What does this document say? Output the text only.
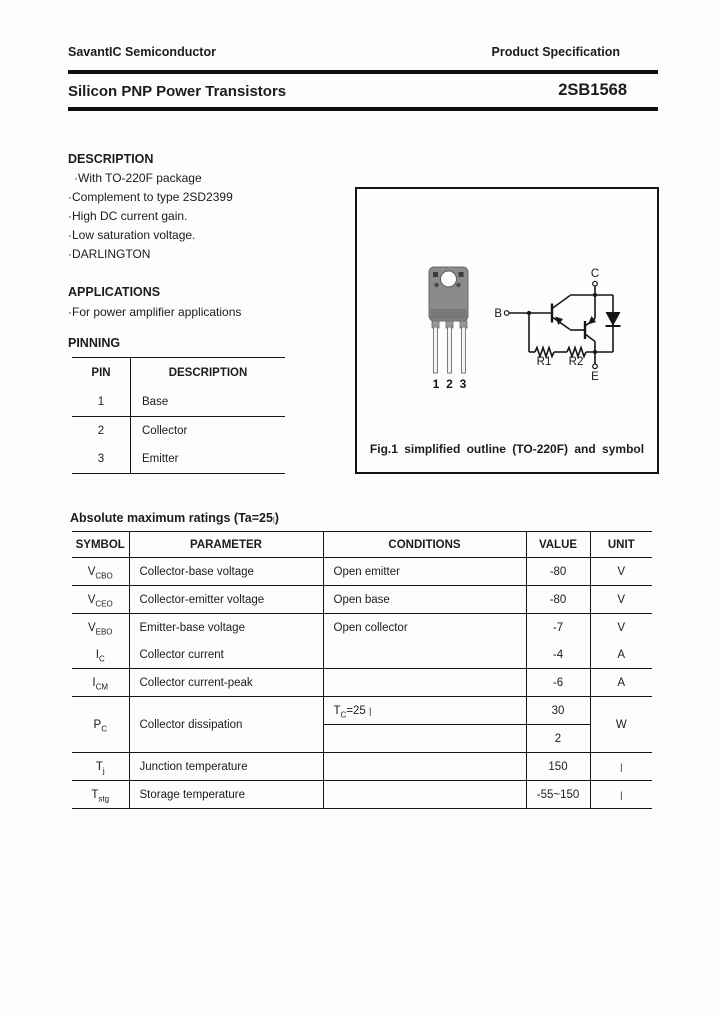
SavantIC Semiconductor	Product Specification
Silicon PNP Power Transistors	2SB1568
DESCRIPTION
·With TO-220F package
·Complement to type 2SD2399
·High DC current gain.
·Low saturation voltage.
·DARLINGTON
APPLICATIONS
·For power amplifier applications
PINNING
PIN	DESCRIPTION
1	Base
2	Collector
3	Emitter
1 2 3
B
C
E
R1 R2
Fig.1 simplified outline (TO-220F) and symbol
Absolute maximum ratings (Ta=25|)
SYMBOL	PARAMETER	CONDITIONS	VALUE	UNIT
$V_{CBO}$	Collector-base voltage	Open emitter	-80	V
$V_{CEO}$	Collector-emitter voltage	Open base	-80	V
$V_{EBO}$	Emitter-base voltage	Open collector	-7	V
$I_C$	Collector current		-4	A
$I_{CM}$	Collector current-peak		-6	A
$P_C$	Collector dissipation	$T_C=25$ |	30	W
			2	
$T_j$	Junction temperature		150	|
$T_{stg}$	Storage temperature		-55~150	|
